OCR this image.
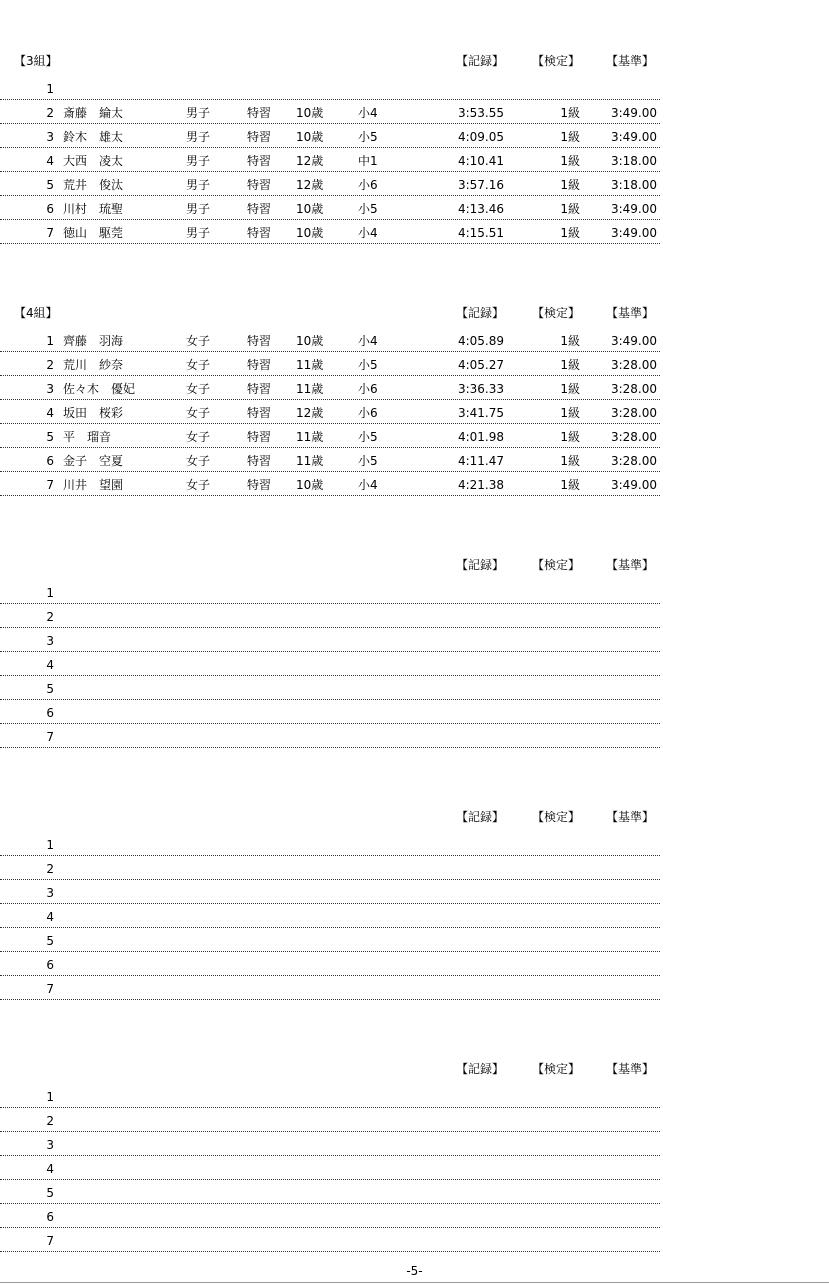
【3組】	【記録】 【検定】 【基準】
1
2 斎藤　綸太	男子	特習 10歳	小4	3:53.55	1級	3:49.00
3 鈴木　雄太	男子	特習 10歳	小5	4:09.05	1級	3:49.00
4 大西　凌太	男子	特習 12歳	中1	4:10.41	1級	3:18.00
5 荒井　俊汰	男子	特習 12歳	小6	3:57.16	1級	3:18.00
6 川村　琉聖	男子	特習 10歳	小5	4:13.46	1級	3:49.00
7 徳山　駆莞	男子	特習 10歳	小4	4:15.51	1級	3:49.00
【4組】	【記録】 【検定】 【基準】
1 齊藤　羽海	女子	特習 10歳	小4	4:05.89	1級	3:49.00
2 荒川　紗奈	女子	特習 11歳	小5	4:05.27	1級	3:28.00
3 佐々木　優妃	女子	特習 11歳	小6	3:36.33	1級	3:28.00
4 坂田　桜彩	女子	特習 12歳	小6	3:41.75	1級	3:28.00
5 平　瑠音	女子	特習 11歳	小5	4:01.98	1級	3:28.00
6 金子　空夏	女子	特習 11歳	小5	4:11.47	1級	3:28.00
7 川井　望園	女子	特習 10歳	小4	4:21.38	1級	3:49.00
【記録】 【検定】 【基準】
1
2
3
4
5
6
7
【記録】 【検定】 【基準】
1
2
3
4
5
6
7
【記録】 【検定】 【基準】
1
2
3
4
5
6
7
-5-
